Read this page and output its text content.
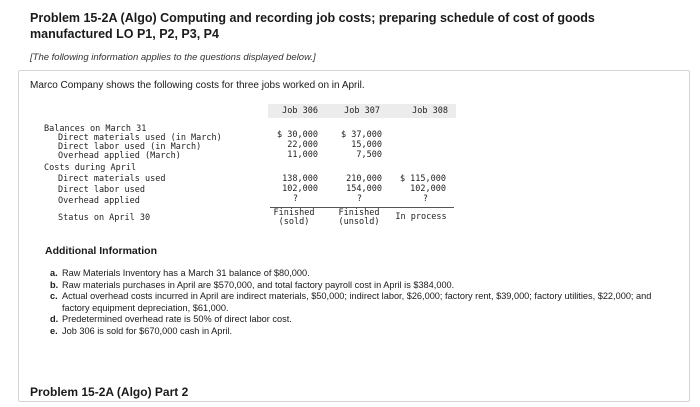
Problem 15-2A (Algo) Computing and recording job costs; preparing schedule of cost of goods manufactured LO P1, P2, P3, P4
[The following information applies to the questions displayed below.]
Marco Company shows the following costs for three jobs worked on in April.
Job 306	Job 307	Job 308
Balances on March 31
Direct materials used (in March)
Direct labor used (in March)
Overhead applied (March)
Costs during April
Direct materials used
Direct labor used
Overhead applied
Status on April 30
$ 30,000
22,000
11,000
138,000
102,000
?
Finished
(sold)
$ 37,000
15,000
7,500
210,000
154,000
?
Finished
(unsold)
$ 115,000
102,000
?
In process
Additional Information
a. Raw Materials Inventory has a March 31 balance of $80,000.
b. Raw materials purchases in April are $570,000, and total factory payroll cost in April is $384,000.
c. Actual overhead costs incurred in April are indirect materials, $50,000; indirect labor, $26,000; factory rent, $39,000; factory utilities, $22,000; and factory equipment depreciation, $61,000.
d. Predetermined overhead rate is 50% of direct labor cost.
e. Job 306 is sold for $670,000 cash in April.
Problem 15-2A (Algo) Part 2
